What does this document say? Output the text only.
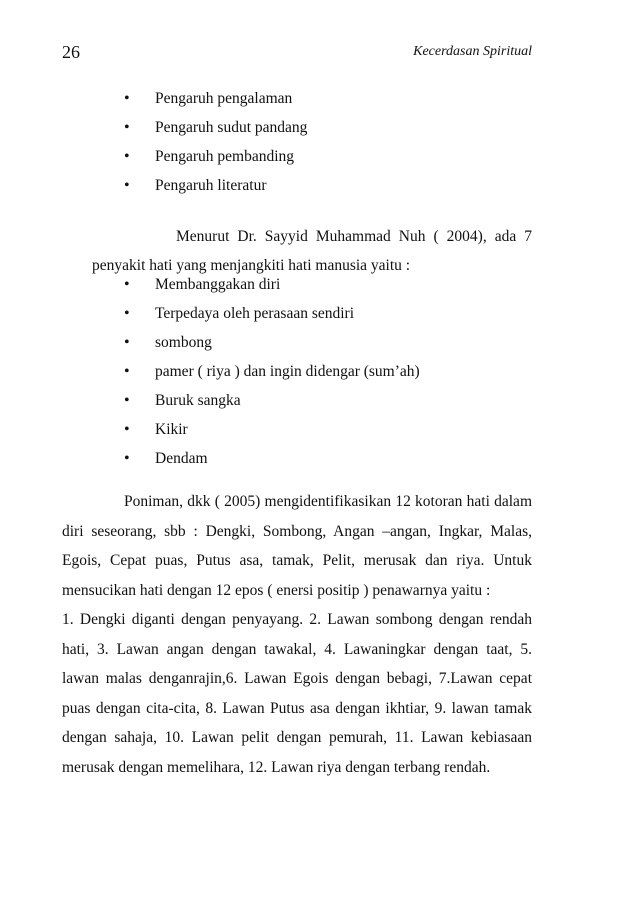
26	Kecerdasan Spiritual
• Pengaruh pengalaman
• Pengaruh sudut pandang
• Pengaruh pembanding
• Pengaruh literatur
Menurut Dr. Sayyid Muhammad Nuh ( 2004), ada 7
penyakit hati yang menjangkiti hati manusia yaitu :
• Membanggakan diri
• Terpedaya oleh perasaan sendiri
• sombong
• pamer ( riya ) dan ingin didengar (sum’ah)
• Buruk sangka
• Kikir
• Dendam

Poniman, dkk ( 2005) mengidentifikasikan 12 kotoran hati dalam diri seseorang, sbb : Dengki, Sombong, Angan –angan, Ingkar, Malas, Egois, Cepat puas, Putus asa, tamak, Pelit, merusak dan riya. Untuk mensucikan hati dengan 12 epos ( enersi positip ) penawarnya yaitu :

1. Dengki diganti dengan penyayang. 2. Lawan sombong dengan rendah hati, 3. Lawan angan dengan tawakal, 4. Lawaningkar dengan taat, 5. lawan malas denganrajin,6. Lawan Egois dengan bebagi, 7.Lawan cepat puas dengan cita-cita, 8. Lawan Putus asa dengan ikhtiar, 9. lawan tamak dengan sahaja, 10. Lawan pelit dengan pemurah, 11. Lawan kebiasaan merusak dengan memelihara, 12. Lawan riya dengan terbang rendah.
